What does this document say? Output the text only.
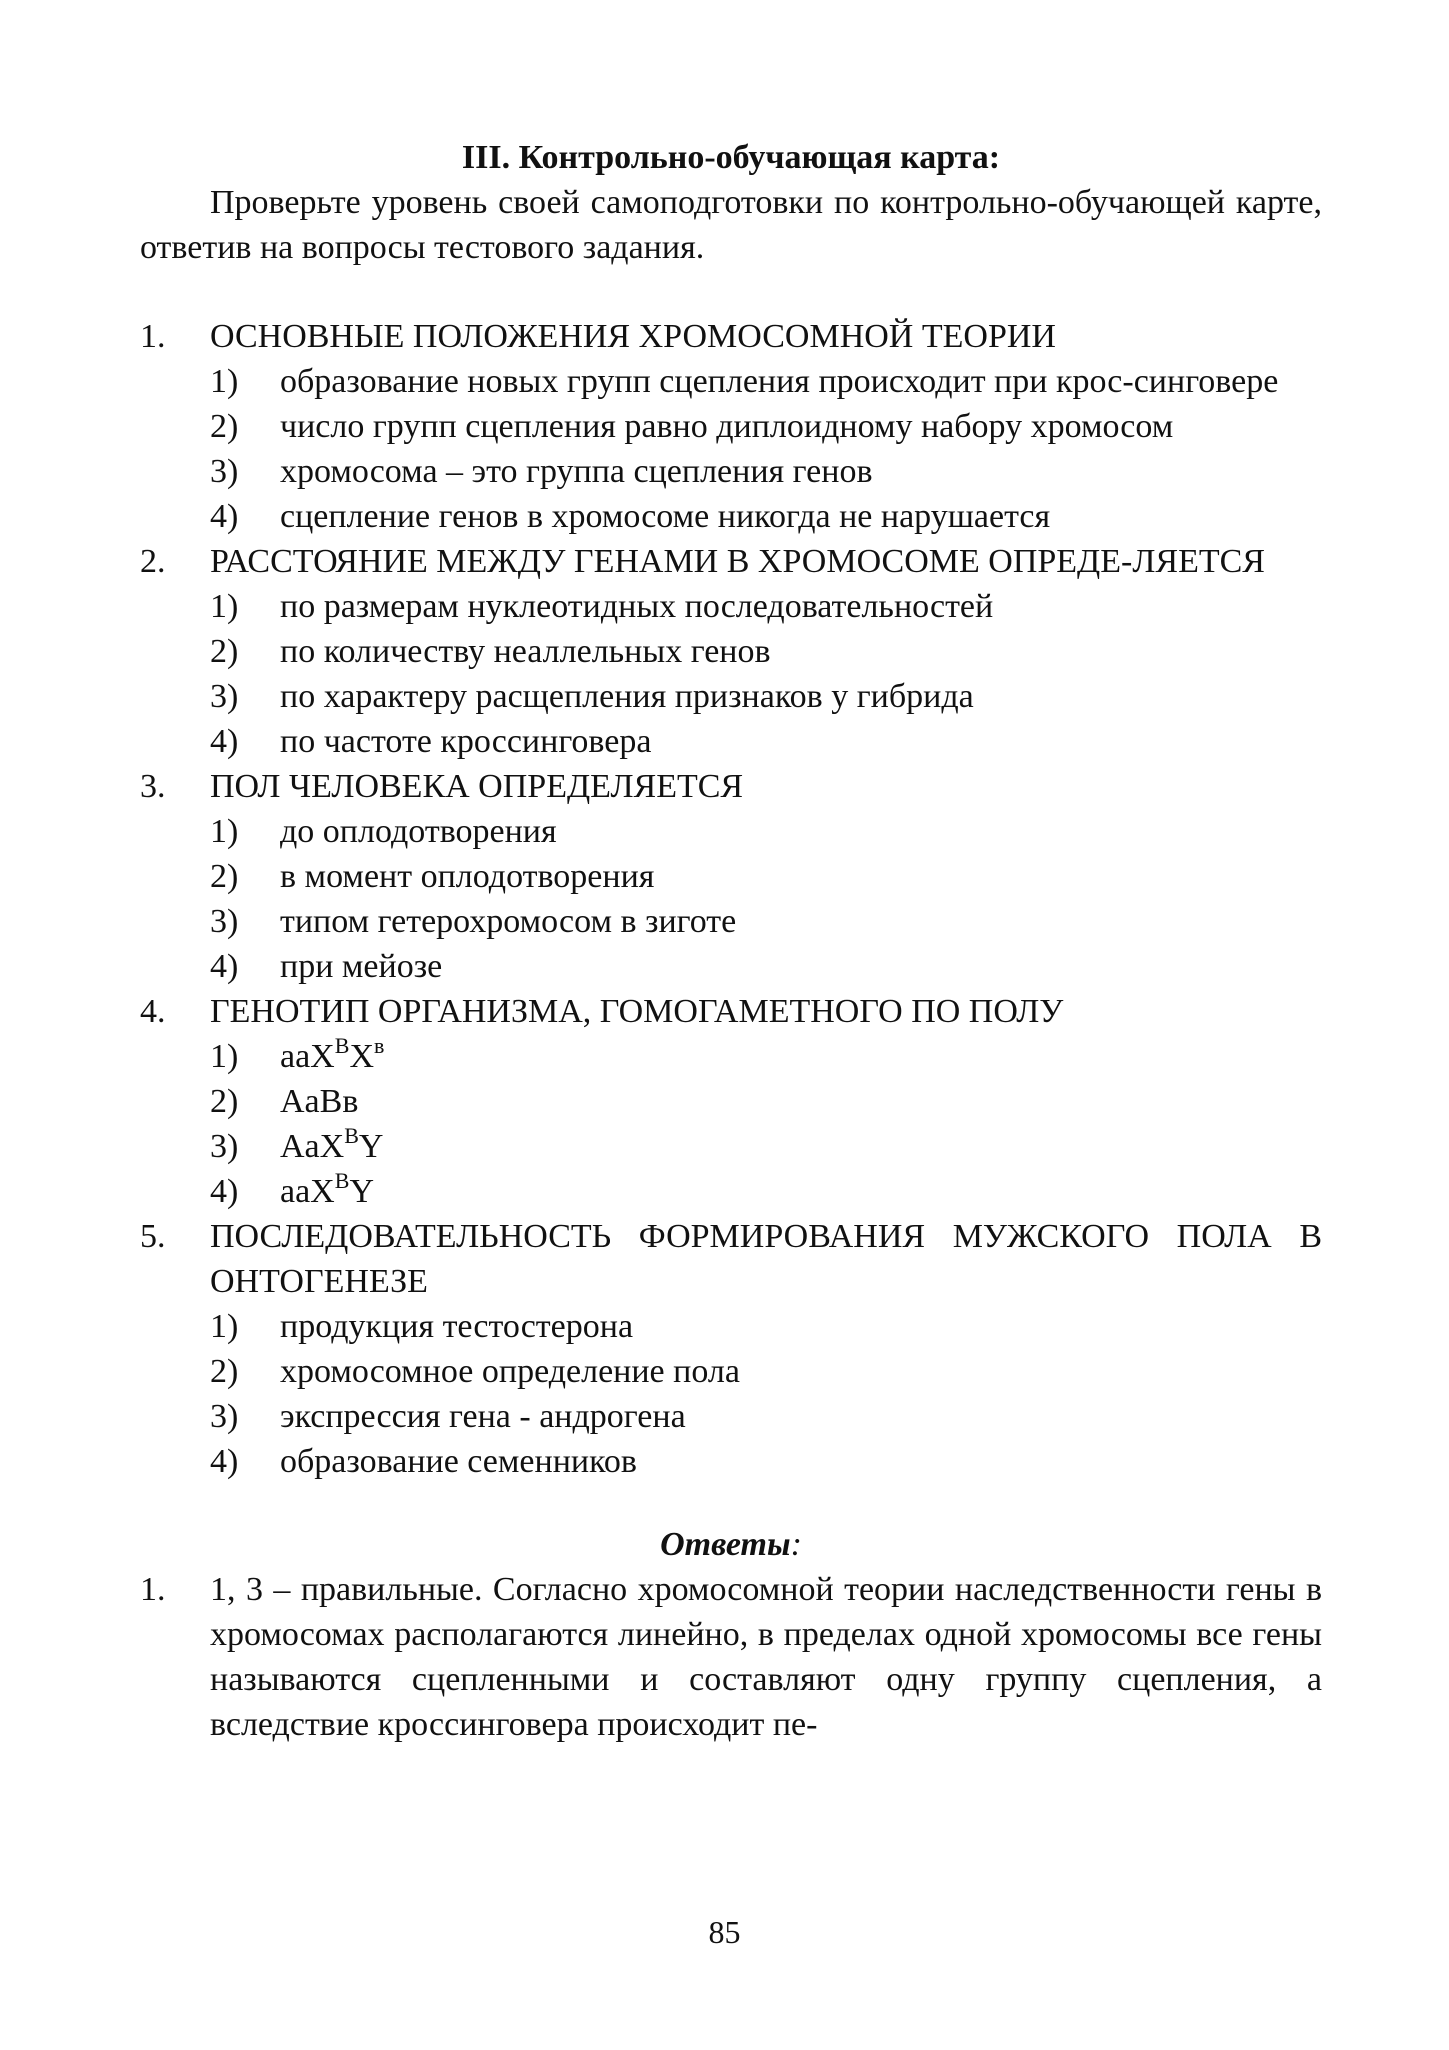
III. Контрольно-обучающая карта:
Проверьте уровень своей самоподготовки по контрольно-обучающей карте, ответив на вопросы тестового задания.
1.	ОСНОВНЫЕ ПОЛОЖЕНИЯ ХРОМОСОМНОЙ ТЕОРИИ
1)	образование новых групп сцепления происходит при крос-синговере
2)	число групп сцепления равно диплоидному набору хромосом
3)	хромосома – это группа сцепления генов
4)	сцепление генов в хромосоме никогда не нарушается
2.	РАССТОЯНИЕ МЕЖДУ ГЕНАМИ В ХРОМОСОМЕ ОПРЕДЕ-ЛЯЕТСЯ
1)	по размерам нуклеотидных последовательностей
2)	по количеству неаллельных генов
3)	по характеру расщепления признаков у гибрида
4)	по частоте кроссинговера
3.	ПОЛ ЧЕЛОВЕКА ОПРЕДЕЛЯЕТСЯ
1)	до оплодотворения
2)	в момент оплодотворения
3)	типом гетерохромосом в зиготе
4)	при мейозе
4.	ГЕНОТИП ОРГАНИЗМА, ГОМОГАМЕТНОГО ПО ПОЛУ
1)	$aaX^BX^в$
2)	AaBв
3)	AaX$^B$Y
4)	aaX$^B$Y
5.	ПОСЛЕДОВАТЕЛЬНОСТЬ ФОРМИРОВАНИЯ МУЖСКОГО ПОЛА В ОНТОГЕНЕЗЕ
1)	продукция тестостерона
2)	хромосомное определение пола
3)	экспрессия гена - андрогена
4)	образование семенников
Ответы:
1.	1, 3 – правильные. Согласно хромосомной теории наследственности гены в хромосомах располагаются линейно, в пределах одной хромосомы все гены называются сцепленными и составляют одну группу сцепления, а вследствие кроссинговера происходит пе-
85
